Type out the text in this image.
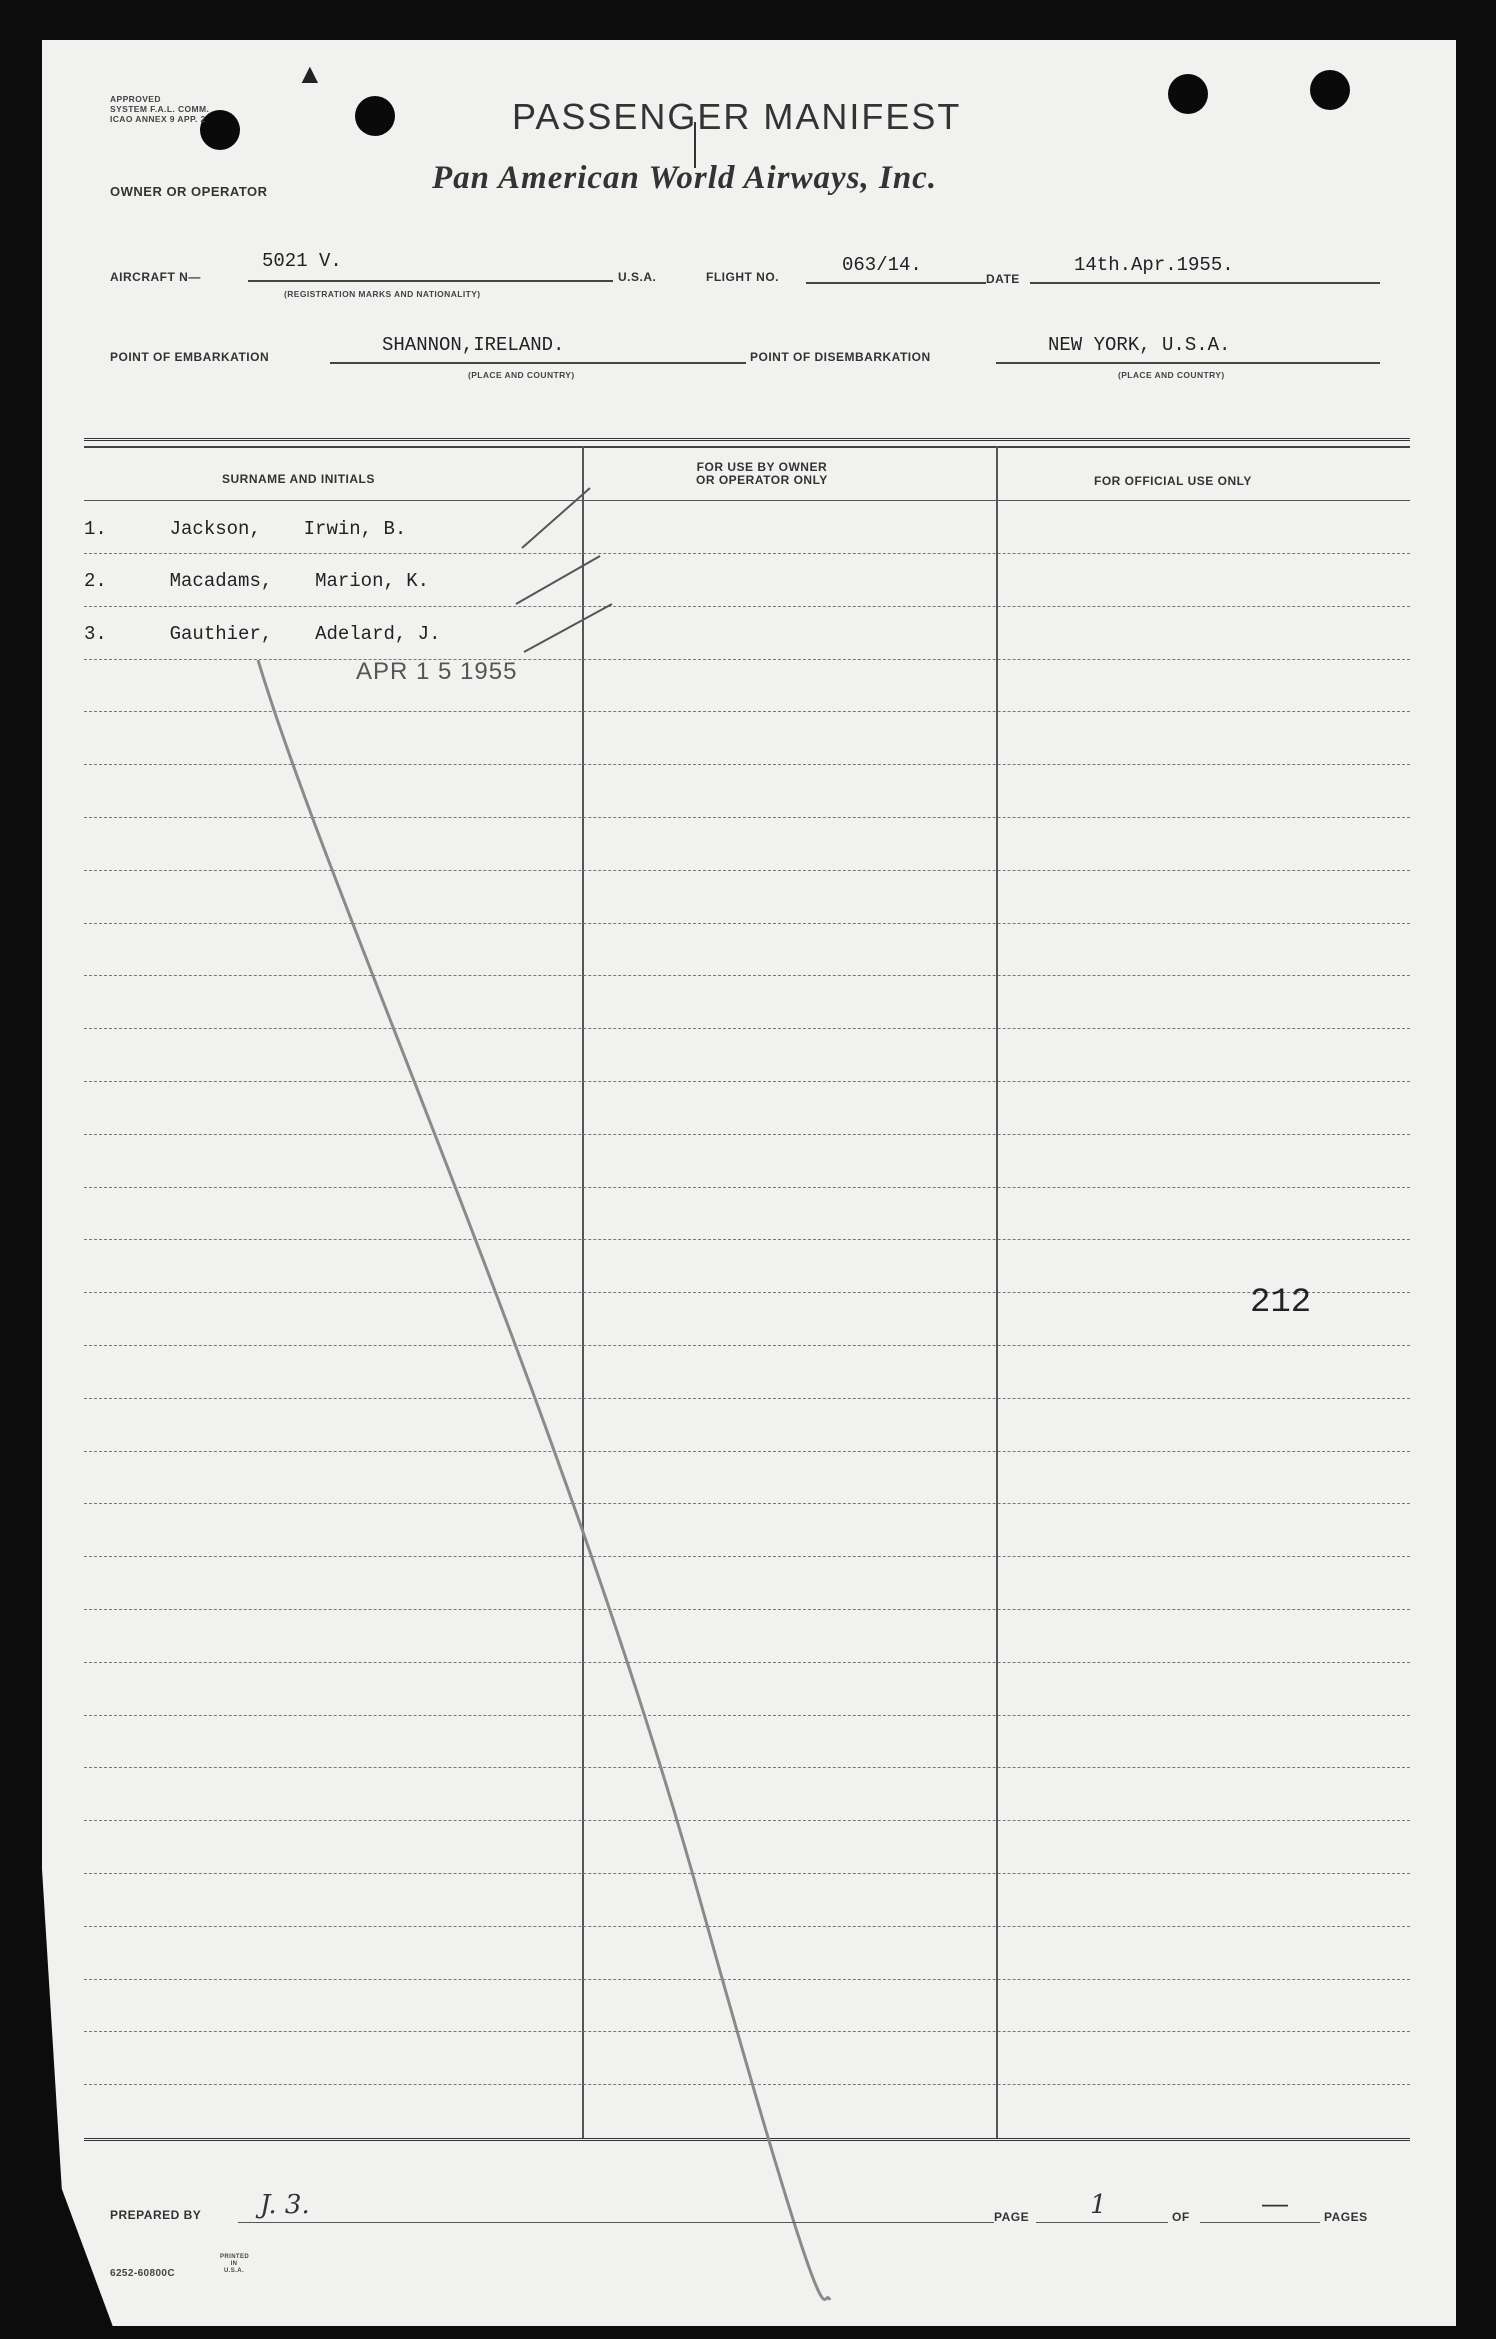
APPROVED
SYSTEM F.A.L. COMM.
ICAO ANNEX 9 APP. 2
▲
PASSENGER MANIFEST
OWNER OR OPERATOR	Pan American World Airways, Inc.
AIRCRAFT N—
5021 V.
(REGISTRATION MARKS AND NATIONALITY)
U.S.A.	FLIGHT NO.
063/14.
DATE
14th.Apr.1955.
POINT OF EMBARKATION
SHANNON,IRELAND.
(PLACE AND COUNTRY)
POINT OF DISEMBARKATION
NEW YORK, U.S.A.
(PLACE AND COUNTRY)
SURNAME AND INITIALS
FOR USE BY OWNER
OR OPERATOR ONLY	FOR OFFICIAL USE ONLY
1.	Jackson, Irwin, B.
2.	Macadams, Marion, K.
3.	Gauthier, Adelard, J.
APR 1 5 1955
212
PREPARED BY J. 3.	PAGE 1	OF	—	PAGES
6252-60800C
PRINTED IN U.S.A.
